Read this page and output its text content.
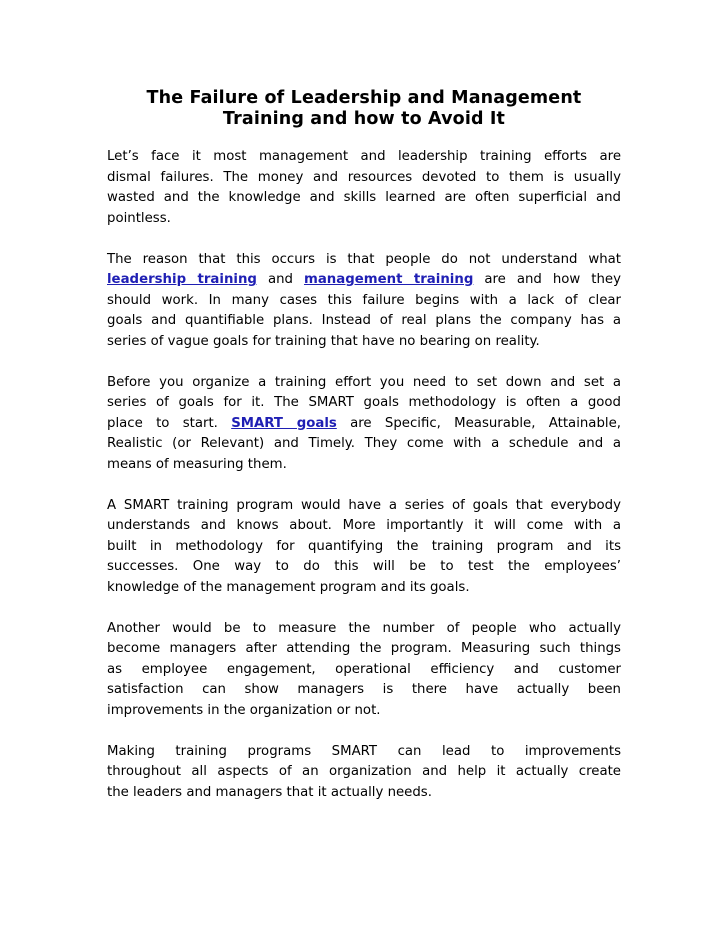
The Failure of Leadership and Management
Training and how to Avoid It
Let’s face it most management and leadership training efforts are
dismal failures. The money and resources devoted to them is usually
wasted and the knowledge and skills learned are often superficial and
pointless.
The reason that this occurs is that people do not understand what
leadership training and management training are and how they
should work. In many cases this failure begins with a lack of clear
goals and quantifiable plans. Instead of real plans the company has a
series of vague goals for training that have no bearing on reality.
Before you organize a training effort you need to set down and set a
series of goals for it. The SMART goals methodology is often a good
place to start. SMART goals are Specific, Measurable, Attainable,
Realistic (or Relevant) and Timely. They come with a schedule and a
means of measuring them.
A SMART training program would have a series of goals that everybody
understands and knows about. More importantly it will come with a
built in methodology for quantifying the training program and its
successes. One way to do this will be to test the employees’
knowledge of the management program and its goals.
Another would be to measure the number of people who actually
become managers after attending the program. Measuring such things
as employee engagement, operational efficiency and customer
satisfaction can show managers is there have actually been
improvements in the organization or not.
Making training programs SMART can lead to improvements
throughout all aspects of an organization and help it actually create
the leaders and managers that it actually needs.
